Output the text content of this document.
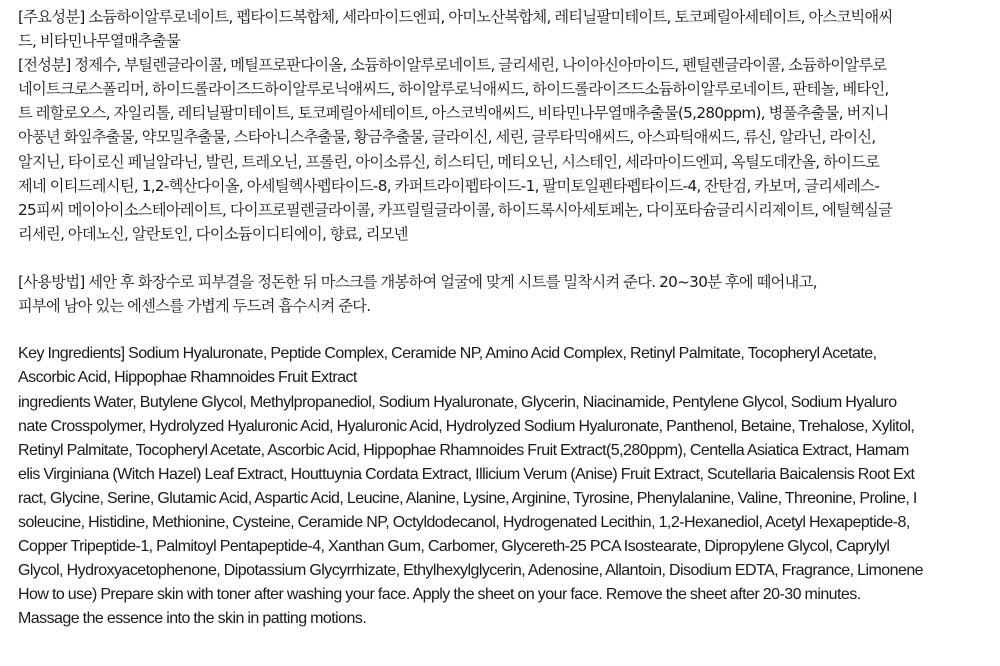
[주요성분] 소듐하이알루로네이트, 펩타이드복합체, 세라마이드엔피, 아미노산복합체, 레티닐팔미테이트, 토코페릴아세테이트, 아스코빅애씨
드, 비타민나무열매추출물
[전성분] 정제수, 부틸렌글라이콜, 메틸프로판다이올, 소듐하이알루로네이트, 글리세린, 나이아신아마이드, 펜틸렌글라이콜, 소듐하이알루로
네이트크로스폴리머, 하이드롤라이즈드하이알루로닉애씨드, 하이알루로닉애씨드, 하이드롤라이즈드소듐하이알루로네이트, 판테놀, 베타인,
트 레할로오스, 자일리톨, 레티닐팔미테이트, 토코페릴아세테이트, 아스코빅애씨드, 비타민나무열매추출물(5,280ppm), 병풀추출물, 버지니
아풍년 화잎추출물, 약모밀추출물, 스타아니스추출물, 황금추출물, 글라이신, 세린, 글루타믹애씨드, 아스파틱애씨드, 류신, 알라닌, 라이신,
알지닌, 타이로신 페닐알라닌, 발린, 트레오닌, 프롤린, 아이소류신, 히스티딘, 메티오닌, 시스테인, 세라마이드엔피, 옥틸도데칸올, 하이드로
제네 이티드레시틴, 1,2-헥산다이올, 아세틸헥사펩타이드-8, 카퍼트라이펩타이드-1, 팔미토일펜타펩타이드-4, 잔탄검, 카보머, 글리세레스-
25피씨 메이아이소스테아레이트, 다이프로필렌글라이콜, 카프릴릴글라이콜, 하이드록시아세토페논, 다이포타슘글리시리제이트, 에틸헥실글
리세린, 아데노신, 알란토인, 다이소듐이디티에이, 향료, 리모넨
[사용방법] 세안 후 화장수로 피부결을 정돈한 뒤 마스크를 개봉하여 얼굴에 맞게 시트를 밀착시켜 준다. 20~30분 후에 떼어내고,
피부에 남아 있는 에센스를 가볍게 두드려 흡수시켜 준다.
Key Ingredients] Sodium Hyaluronate, Peptide Complex, Ceramide NP, Amino Acid Complex, Retinyl Palmitate, Tocopheryl Acetate,
Ascorbic Acid, Hippophae Rhamnoides Fruit Extract
ingredients Water, Butylene Glycol, Methylpropanediol, Sodium Hyaluronate, Glycerin, Niacinamide, Pentylene Glycol, Sodium Hyaluro
nate Crosspolymer, Hydrolyzed Hyaluronic Acid, Hyaluronic Acid, Hydrolyzed Sodium Hyaluronate, Panthenol, Betaine, Trehalose, Xylitol,
Retinyl Palmitate, Tocopheryl Acetate, Ascorbic Acid, Hippophae Rhamnoides Fruit Extract(5,280ppm), Centella Asiatica Extract, Hamam
elis Virginiana (Witch Hazel) Leaf Extract, Houttuynia Cordata Extract, Illicium Verum (Anise) Fruit Extract, Scutellaria Baicalensis Root Ext
ract, Glycine, Serine, Glutamic Acid, Aspartic Acid, Leucine, Alanine, Lysine, Arginine, Tyrosine, Phenylalanine, Valine, Threonine, Proline, I
soleucine, Histidine, Methionine, Cysteine, Ceramide NP, Octyldodecanol, Hydrogenated Lecithin, 1,2-Hexanediol, Acetyl Hexapeptide-8,
Copper Tripeptide-1, Palmitoyl Pentapeptide-4, Xanthan Gum, Carbomer, Glycereth-25 PCA Isostearate, Dipropylene Glycol, Caprylyl
Glycol, Hydroxyacetophenone, Dipotassium Glycyrrhizate, Ethylhexylglycerin, Adenosine, Allantoin, Disodium EDTA, Fragrance, Limonene
How to use) Prepare skin with toner after washing your face. Apply the sheet on your face. Remove the sheet after 20-30 minutes.
Massage the essence into the skin in patting motions.
